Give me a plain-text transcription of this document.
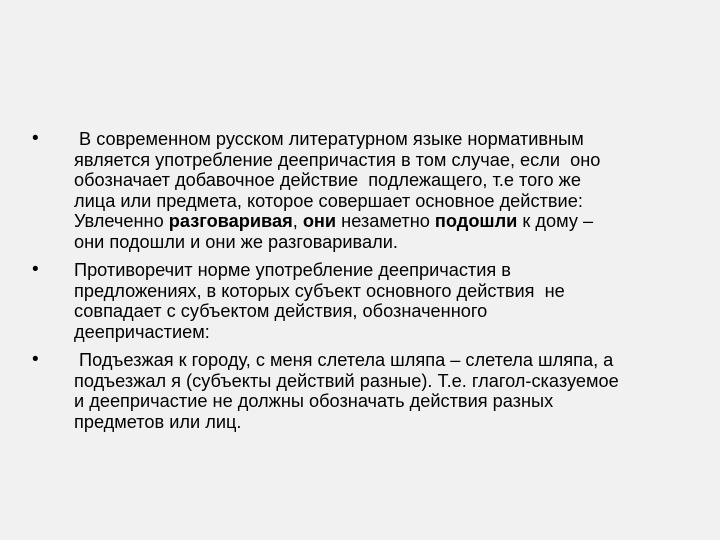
•	В современном русском литературном языке нормативным
является употребление деепричастия в том случае, если  оно
обозначает добавочное действие  подлежащего, т.е того же
лица или предмета, которое совершает основное действие:
Увлеченно разговаривая, они незаметно подошли к дому –
они подошли и они же разговаривали.
•	Противоречит норме употребление деепричастия в
предложениях, в которых субъект основного действия  не
совпадает с субъектом действия, обозначенного
деепричастием:
•	Подъезжая к городу, с меня слетела шляпа – слетела шляпа, а
подъезжал я (субъекты действий разные). Т.е. глагол-сказуемое
и деепричастие не должны обозначать действия разных
предметов или лиц.
